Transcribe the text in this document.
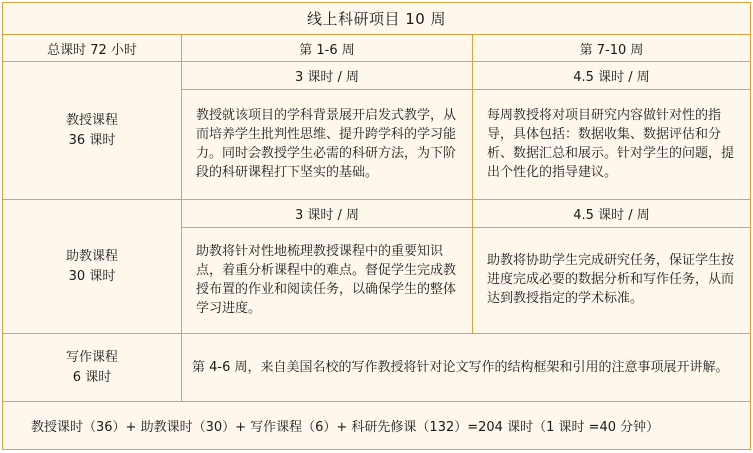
线上科研项目 10 周		
总课时 72 小时	第 1-6 周	第 7-10 周

教授课程
36 课时	3 课时 / 周	4.5 课时 / 周

	教授就该项目的学科背景展开启发式教学，从而培养学生批判性思维、提升跨学科的学习能力。同时会教授学生必需的科研方法，为下阶段的科研课程打下坚实的基础。	每周教授将对项目研究内容做针对性的指导，具体包括：数据收集、数据评估和分析、数据汇总和展示。针对学生的问题，提出个性化的指导建议。

助教课程
30 课时	3 课时 / 周	4.5 课时 / 周

	助教将针对性地梳理教授课程中的重要知识点，着重分析课程中的难点。督促学生完成教授布置的作业和阅读任务，以确保学生的整体学习进度。	助教将协助学生完成研究任务，保证学生按进度完成必要的数据分析和写作任务，从而达到教授指定的学术标准。

写作课程
6 课时	第 4-6 周，来自美国名校的写作教授将针对论文写作的结构框架和引用的注意事项展开讲解。	
教授课时（36）+ 助教课时（30）+ 写作课程（6）+ 科研先修课（132）=204 课时（1 课时 =40 分钟）		
